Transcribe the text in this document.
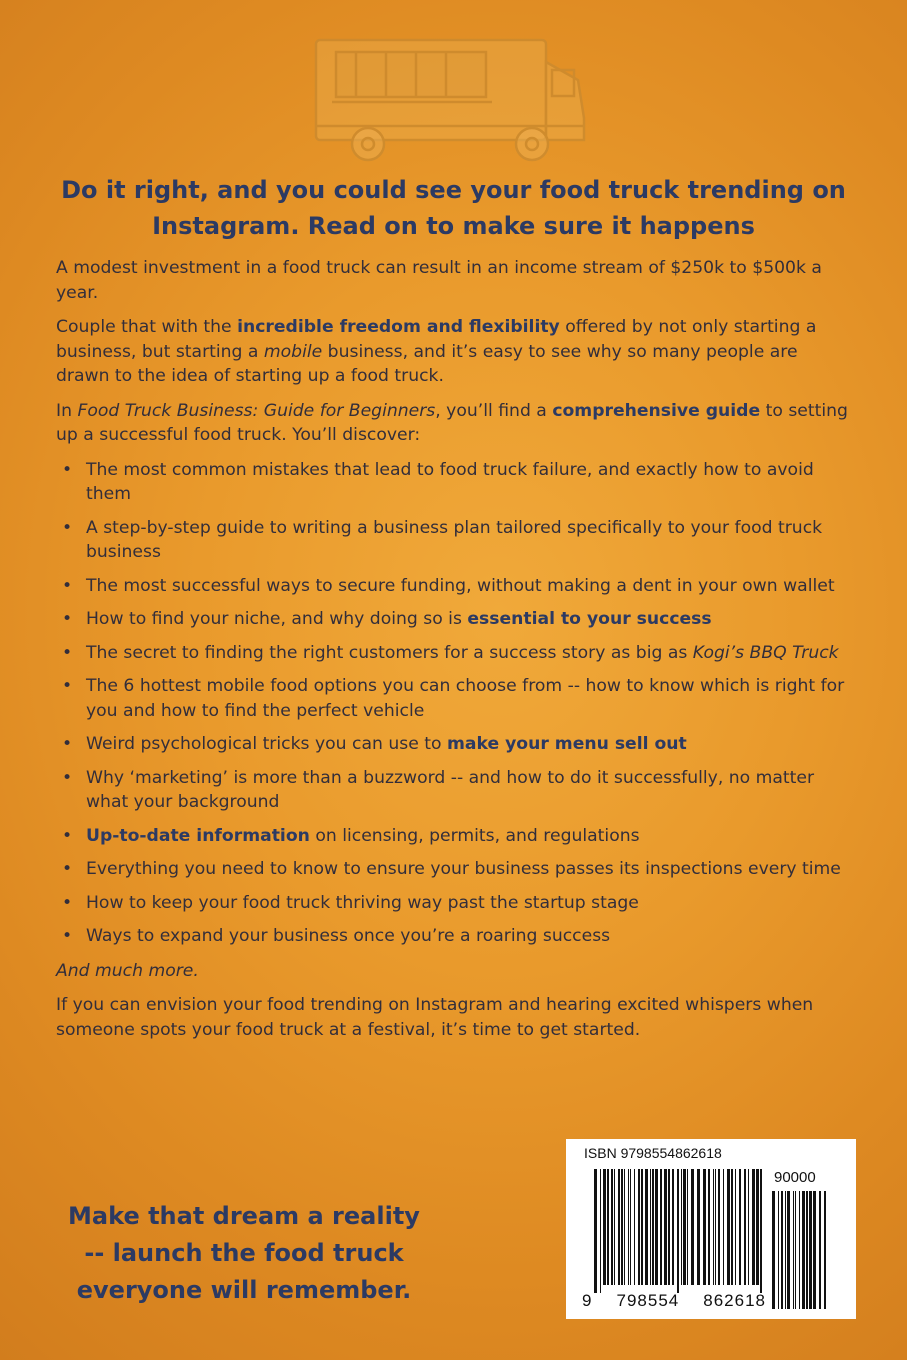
Do it right, and you could see your food truck trending on
Instagram. Read on to make sure it happens

A modest investment in a food truck can result in an income stream of $250k to $500k a year.

Couple that with the incredible freedom and flexibility offered by not only starting a business, but starting a mobile business, and it’s easy to see why so many people are drawn to the idea of starting up a food truck.

In Food Truck Business: Guide for Beginners, you’ll find a comprehensive guide to setting up a successful food truck. You’ll discover:

• The most common mistakes that lead to food truck failure, and exactly how to avoid them
• A step-by-step guide to writing a business plan tailored specifically to your food truck business
• The most successful ways to secure funding, without making a dent in your own wallet
• How to find your niche, and why doing so is essential to your success
• The secret to finding the right customers for a success story as big as Kogi’s BBQ Truck
• The 6 hottest mobile food options you can choose from -- how to know which is right for you and how to find the perfect vehicle
• Weird psychological tricks you can use to make your menu sell out
• Why ‘marketing’ is more than a buzzword -- and how to do it successfully, no matter what your background
• Up-to-date information on licensing, permits, and regulations
• Everything you need to know to ensure your business passes its inspections every time
• How to keep your food truck thriving way past the startup stage
• Ways to expand your business once you’re a roaring success

And much more.

If you can envision your food trending on Instagram and hearing excited whispers when someone spots your food truck at a festival, it’s time to get started.

Make that dream a reality
-- launch the food truck
everyone will remember.
ISBN 9798554862618
90000
9 798554 862618
